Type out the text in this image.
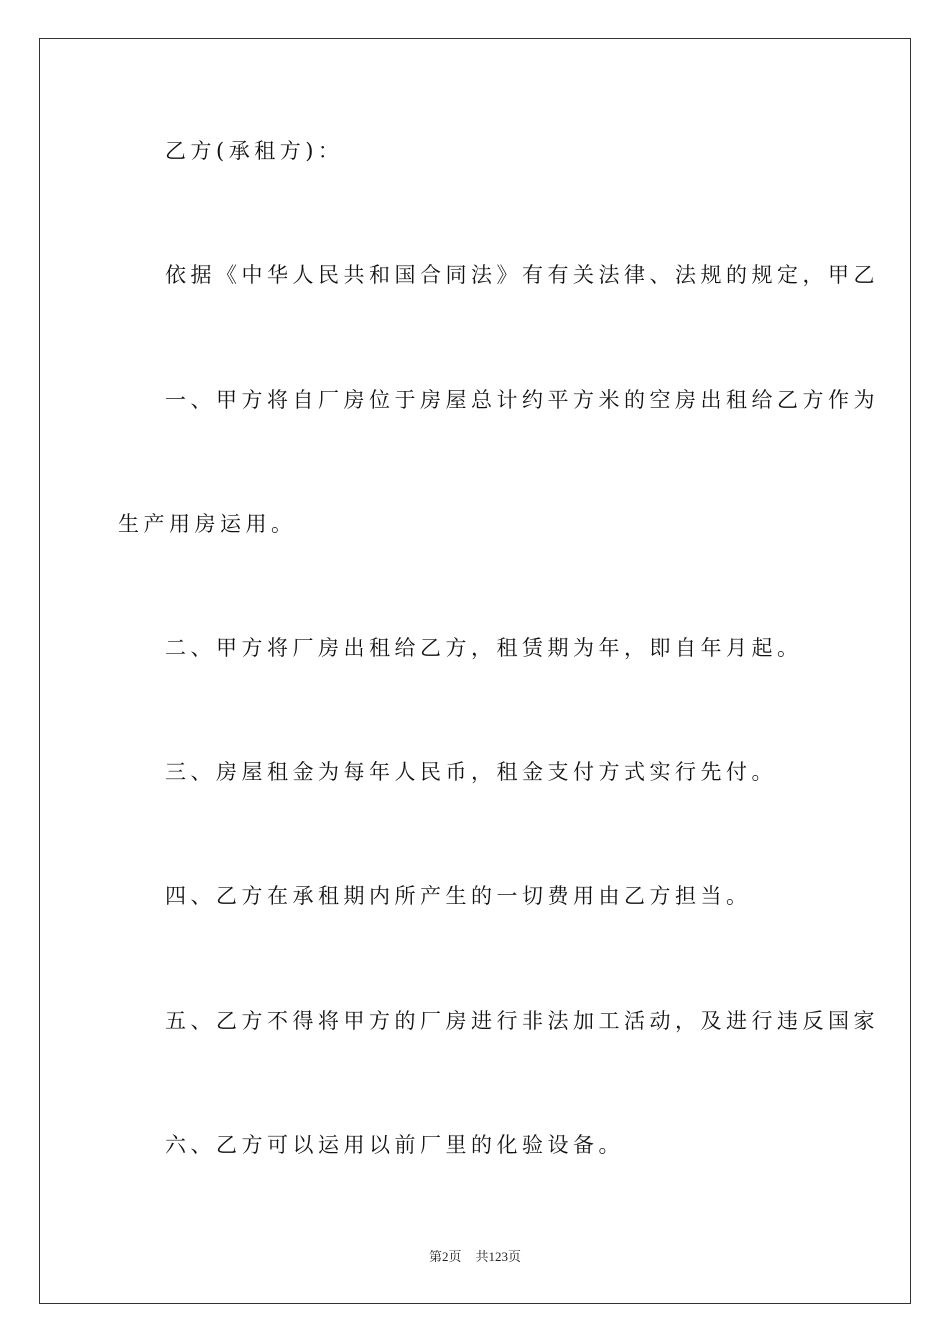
乙方(承租方)：
依据《中华人民共和国合同法》有有关法律、法规的规定，甲乙
一、甲方将自厂房位于房屋总计约平方米的空房出租给乙方作为
生产用房运用。
二、甲方将厂房出租给乙方，租赁期为年，即自年月起。
三、房屋租金为每年人民币，租金支付方式实行先付。
四、乙方在承租期内所产生的一切费用由乙方担当。
五、乙方不得将甲方的厂房进行非法加工活动，及进行违反国家
六、乙方可以运用以前厂里的化验设备。
第2页 共123页
